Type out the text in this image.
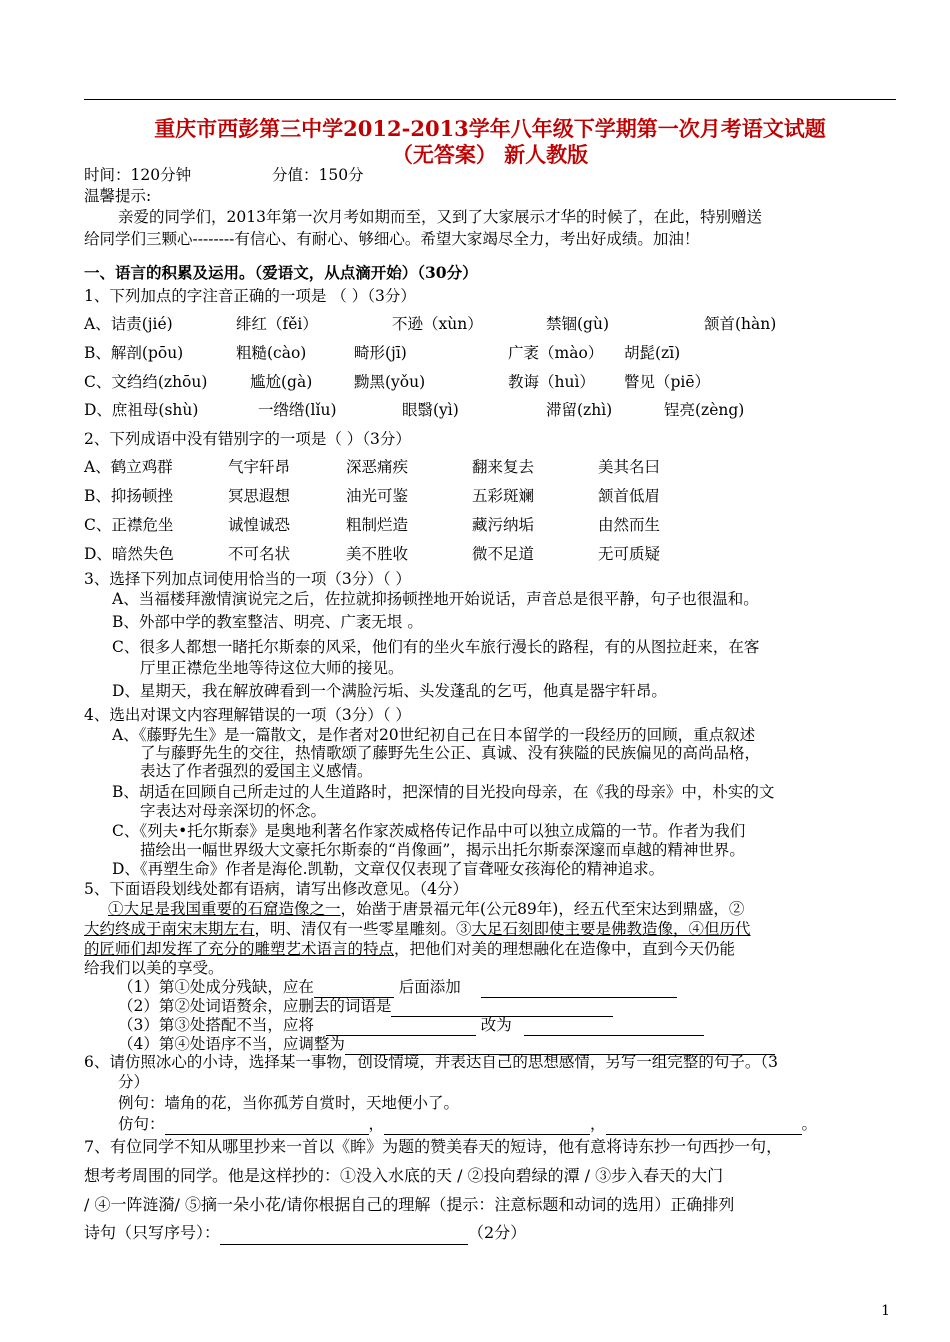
重庆市西彭第三中学2012-2013学年八年级下学期第一次月考语文试题
（无答案） 新人教版
时间：120分钟	分值：150分
温馨提示:
亲爱的同学们，2013年第一次月考如期而至，又到了大家展示才华的时候了，在此，特别赠送
给同学们三颗心--------有信心、有耐心、够细心。希望大家竭尽全力，考出好成绩。加油！
一、语言的积累及运用。（爱语文，从点滴开始）（30分）
1、下列加点的字注音正确的一项是 （ ）（3分）
A、诘责(jié)	绯红（fěi）	不逊（xùn）	禁锢(gù)	颔首(hàn)
B、解剖(pōu)	粗糙(cào)	畸形(jī)	广袤（mào） 胡髭(zī)
C、文绉绉(zhōu)	尴尬(gà)	黝黑(yǒu)	教诲（huì） 瞥见（piē）
D、庶祖母(shù)	一绺绺(lǐu)	眼翳(yì)	滞留(zhì)	锃亮(zèng)
2、下列成语中没有错别字的一项是（ ）（3分）
A、鹤立鸡群	气宇轩昂	深恶痛疾	翻来复去	美其名曰
B、抑扬顿挫	冥思遐想	油光可鉴	五彩斑斓	颔首低眉
C、正襟危坐	诚惶诚恐	粗制烂造	藏污纳垢	由然而生
D、暗然失色	不可名状	美不胜收	微不足道	无可质疑
3、选择下列加点词使用恰当的一项（3分）（ ）
A、当福楼拜激情演说完之后，佐拉就抑扬顿挫地开始说话，声音总是很平静，句子也很温和。
B、外部中学的教室整洁、明亮、广袤无垠 。
C、很多人都想一睹托尔斯泰的风采，他们有的坐火车旅行漫长的路程，有的从图拉赶来，在客
厅里正襟危坐地等待这位大师的接见。
D、星期天，我在解放碑看到一个满脸污垢、头发蓬乱的乞丐，他真是器宇轩昂。
4、选出对课文内容理解错误的一项（3分）（ ）
A、《藤野先生》是一篇散文，是作者对20世纪初自己在日本留学的一段经历的回顾，重点叙述
了与藤野先生的交往，热情歌颂了藤野先生公正、真诚、没有狭隘的民族偏见的高尚品格，
表达了作者强烈的爱国主义感情。
B、胡适在回顾自己所走过的人生道路时，把深情的目光投向母亲，在《我的母亲》中，朴实的文
字表达对母亲深切的怀念。
C、《列夫•托尔斯泰》是奥地利著名作家茨威格传记作品中可以独立成篇的一节。作者为我们
描绘出一幅世界级大文豪托尔斯泰的“肖像画”，揭示出托尔斯泰深邃而卓越的精神世界。
D、《再塑生命》作者是海伦.凯勒，文章仅仅表现了盲聋哑女孩海伦的精神追求。
5、下面语段划线处都有语病，请写出修改意见。（4分）
①大足是我国重要的石窟造像之一，始凿于唐景福元年(公元89年)，经五代至宋达到鼎盛，②
大约终成于南宋末期左右，明、清仅有一些零星雕刻。③大足石刻即使主要是佛教造像，④但历代
的匠师们却发挥了充分的雕塑艺术语言的特点，把他们对美的理想融化在造像中，直到今天仍能
给我们以美的享受。
（1）第①处成分残缺，应在	后面添加
（2）第②处词语赘余，应删去的词语是
（3）第③处搭配不当，应将	改为
（4）第④处语序不当，应调整为
6、请仿照冰心的小诗，选择某一事物，创设情境，并表达自己的思想感情，另写一组完整的句子。（3
分）
例句：墙角的花，当你孤芳自赏时，天地便小了。
仿句：	，	，	。
7、有位同学不知从哪里抄来一首以《眸》为题的赞美春天的短诗，他有意将诗东抄一句西抄一句，
想考考周围的同学。他是这样抄的：①没入水底的天 / ②投向碧绿的潭 / ③步入春天的大门
/ ④一阵涟漪/ ⑤摘一朵小花/请你根据自己的理解（提示：注意标题和动词的选用）正确排列
诗句（只写序号）：	（2分）
1
